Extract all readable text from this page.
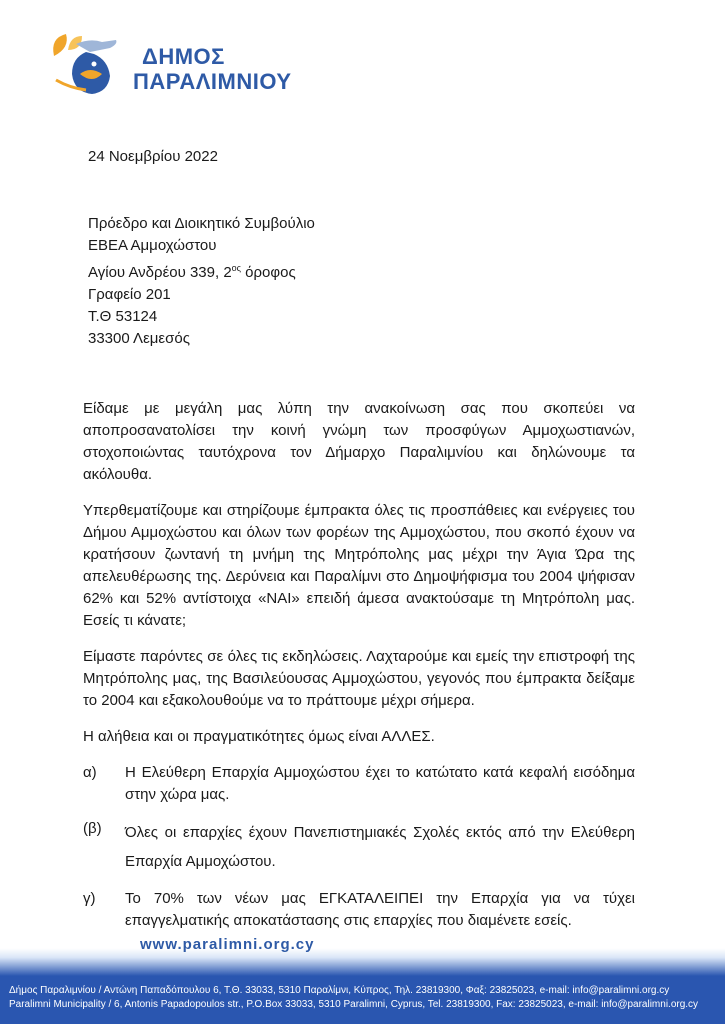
ΔΗΜΟΣ
ΠΑΡΑΛΙΜΝΙΟΥ
24 Νοεμβρίου 2022
Πρόεδρο και Διοικητικό Συμβούλιο
ΕΒΕΑ Αμμοχώστου
Αγίου Ανδρέου 339, $2^{o\varsigma}$ όροφος
Γραφείο 201
Τ.Θ 53124
33300 Λεμεσός

Είδαμε με μεγάλη μας λύπη την ανακοίνωση σας που σκοπεύει να αποπροσανατολίσει την κοινή γνώμη των προσφύγων Αμμοχωστιανών, στοχοποιώντας ταυτόχρονα τον Δήμαρχο Παραλιμνίου και δηλώνουμε τα ακόλουθα.

Υπερθεματίζουμε και στηρίζουμε έμπρακτα όλες τις προσπάθειες και ενέργειες του Δήμου Αμμοχώστου και όλων των φορέων της Αμμοχώστου, που σκοπό έχουν να κρατήσουν ζωντανή τη μνήμη της Μητρόπολης μας μέχρι την Άγια Ώρα της απελευθέρωσης της. Δερύνεια και Παραλίμνι στο Δημοψήφισμα του 2004 ψήφισαν 62% και 52% αντίστοιχα «ΝΑΙ» επειδή άμεσα ανακτούσαμε τη Μητρόπολη μας. Εσείς τι κάνατε;

Είμαστε παρόντες σε όλες τις εκδηλώσεις. Λαχταρούμε και εμείς την επιστροφή της Μητρόπολης μας, της Βασιλεύουσας Αμμοχώστου, γεγονός που έμπρακτα δείξαμε το 2004 και εξακολουθούμε να το πράττουμε μέχρι σήμερα.

Η αλήθεια και οι πραγματικότητες όμως είναι ΑΛΛΕΣ.

α)	Η Ελεύθερη Επαρχία Αμμοχώστου έχει το κατώτατο κατά κεφαλή εισόδημα στην χώρα μας.
(β)	Όλες οι επαρχίες έχουν Πανεπιστημιακές Σχολές εκτός από την Ελεύθερη Επαρχία Αμμοχώστου.
γ)	Το 70% των νέων μας ΕΓΚΑΤΑΛΕΙΠΕΙ την Επαρχία για να τύχει επαγγελματικής αποκατάστασης στις επαρχίες που διαμένετε εσείς.
www.paralimni.org.cy
Δήμος Παραλιμνίου / Αντώνη Παπαδόπουλου 6, Τ.Θ. 33033, 5310 Παραλίμνι, Κύπρος, Τηλ. 23819300, Φαξ: 23825023, e-mail: info@paralimni.org.cy
Paralimni Municipality / 6, Antonis Papadopoulos str., P.O.Box 33033, 5310 Paralimni, Cyprus, Tel. 23819300, Fax: 23825023, e-mail: info@paralimni.org.cy
